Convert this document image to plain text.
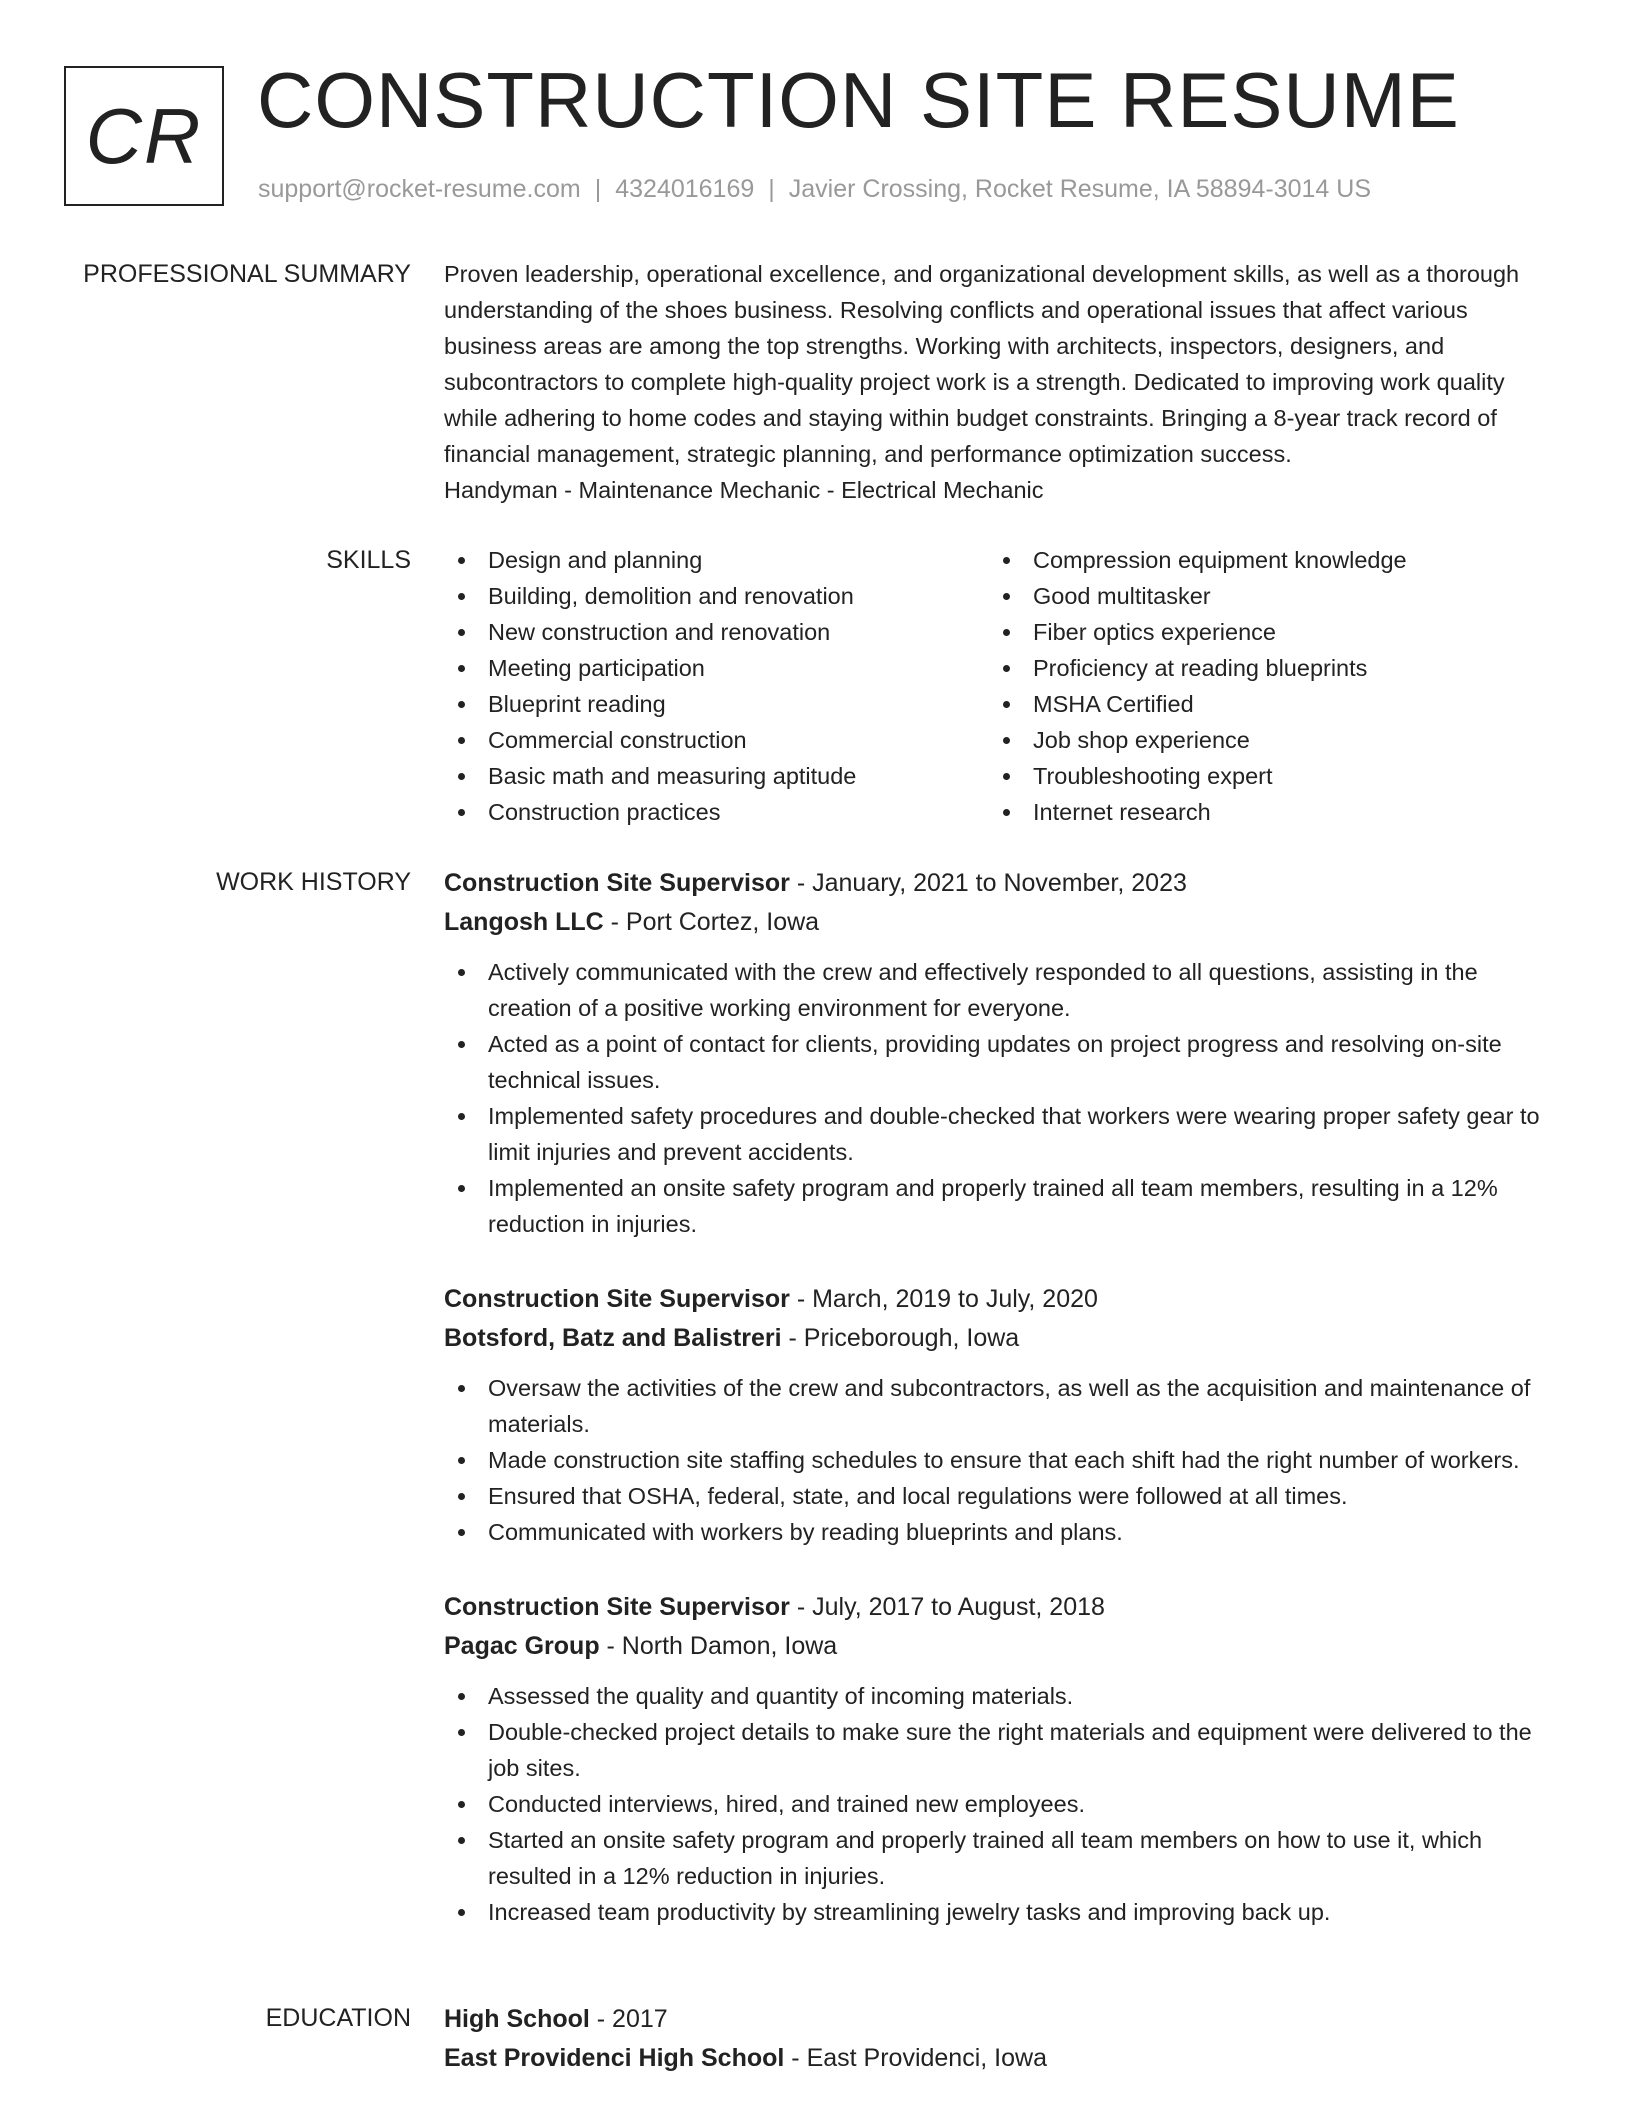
CR CONSTRUCTION SITE RESUME
support@rocket-resume.com | 4324016169 | Javier Crossing, Rocket Resume, IA 58894-3014 US
PROFESSIONAL SUMMARY Proven leadership, operational excellence, and organizational development skills, as well as a thorough understanding of the shoes business. Resolving conflicts and operational issues that affect various business areas are among the top strengths. Working with architects, inspectors, designers, and subcontractors to complete high-quality project work is a strength. Dedicated to improving work quality while adhering to home codes and staying within budget constraints. Bringing a 8-year track record of financial management, strategic planning, and performance optimization success.

Handyman - Maintenance Mechanic - Electrical Mechanic

SKILLS	Design and planning
Building, demolition and renovation
New construction and renovation
Meeting participation
Blueprint reading
Commercial construction
Basic math and measuring aptitude
Construction practices
Compression equipment knowledge
Good multitasker
Fiber optics experience
Proficiency at reading blueprints
MSHA Certified
Job shop experience
Troubleshooting expert
Internet research
WORK HISTORY Construction Site Supervisor - January, 2021 to November, 2023
Langosh LLC - Port Cortez, Iowa
Actively communicated with the crew and effectively responded to all questions, assisting in the creation of a positive working environment for everyone.
Acted as a point of contact for clients, providing updates on project progress and resolving on-site technical issues.
Implemented safety procedures and double-checked that workers were wearing proper safety gear to limit injuries and prevent accidents.
Implemented an onsite safety program and properly trained all team members, resulting in a 12% reduction in injuries.
Construction Site Supervisor - March, 2019 to July, 2020
Botsford, Batz and Balistreri - Priceborough, Iowa
Oversaw the activities of the crew and subcontractors, as well as the acquisition and maintenance of materials.
Made construction site staffing schedules to ensure that each shift had the right number of workers.
Ensured that OSHA, federal, state, and local regulations were followed at all times.
Communicated with workers by reading blueprints and plans.
Construction Site Supervisor - July, 2017 to August, 2018
Pagac Group - North Damon, Iowa
Assessed the quality and quantity of incoming materials.
Double-checked project details to make sure the right materials and equipment were delivered to the job sites.
Conducted interviews, hired, and trained new employees.
Started an onsite safety program and properly trained all team members on how to use it, which resulted in a 12% reduction in injuries.
Increased team productivity by streamlining jewelry tasks and improving back up.
EDUCATION High School - 2017
East Providenci High School - East Providenci, Iowa
